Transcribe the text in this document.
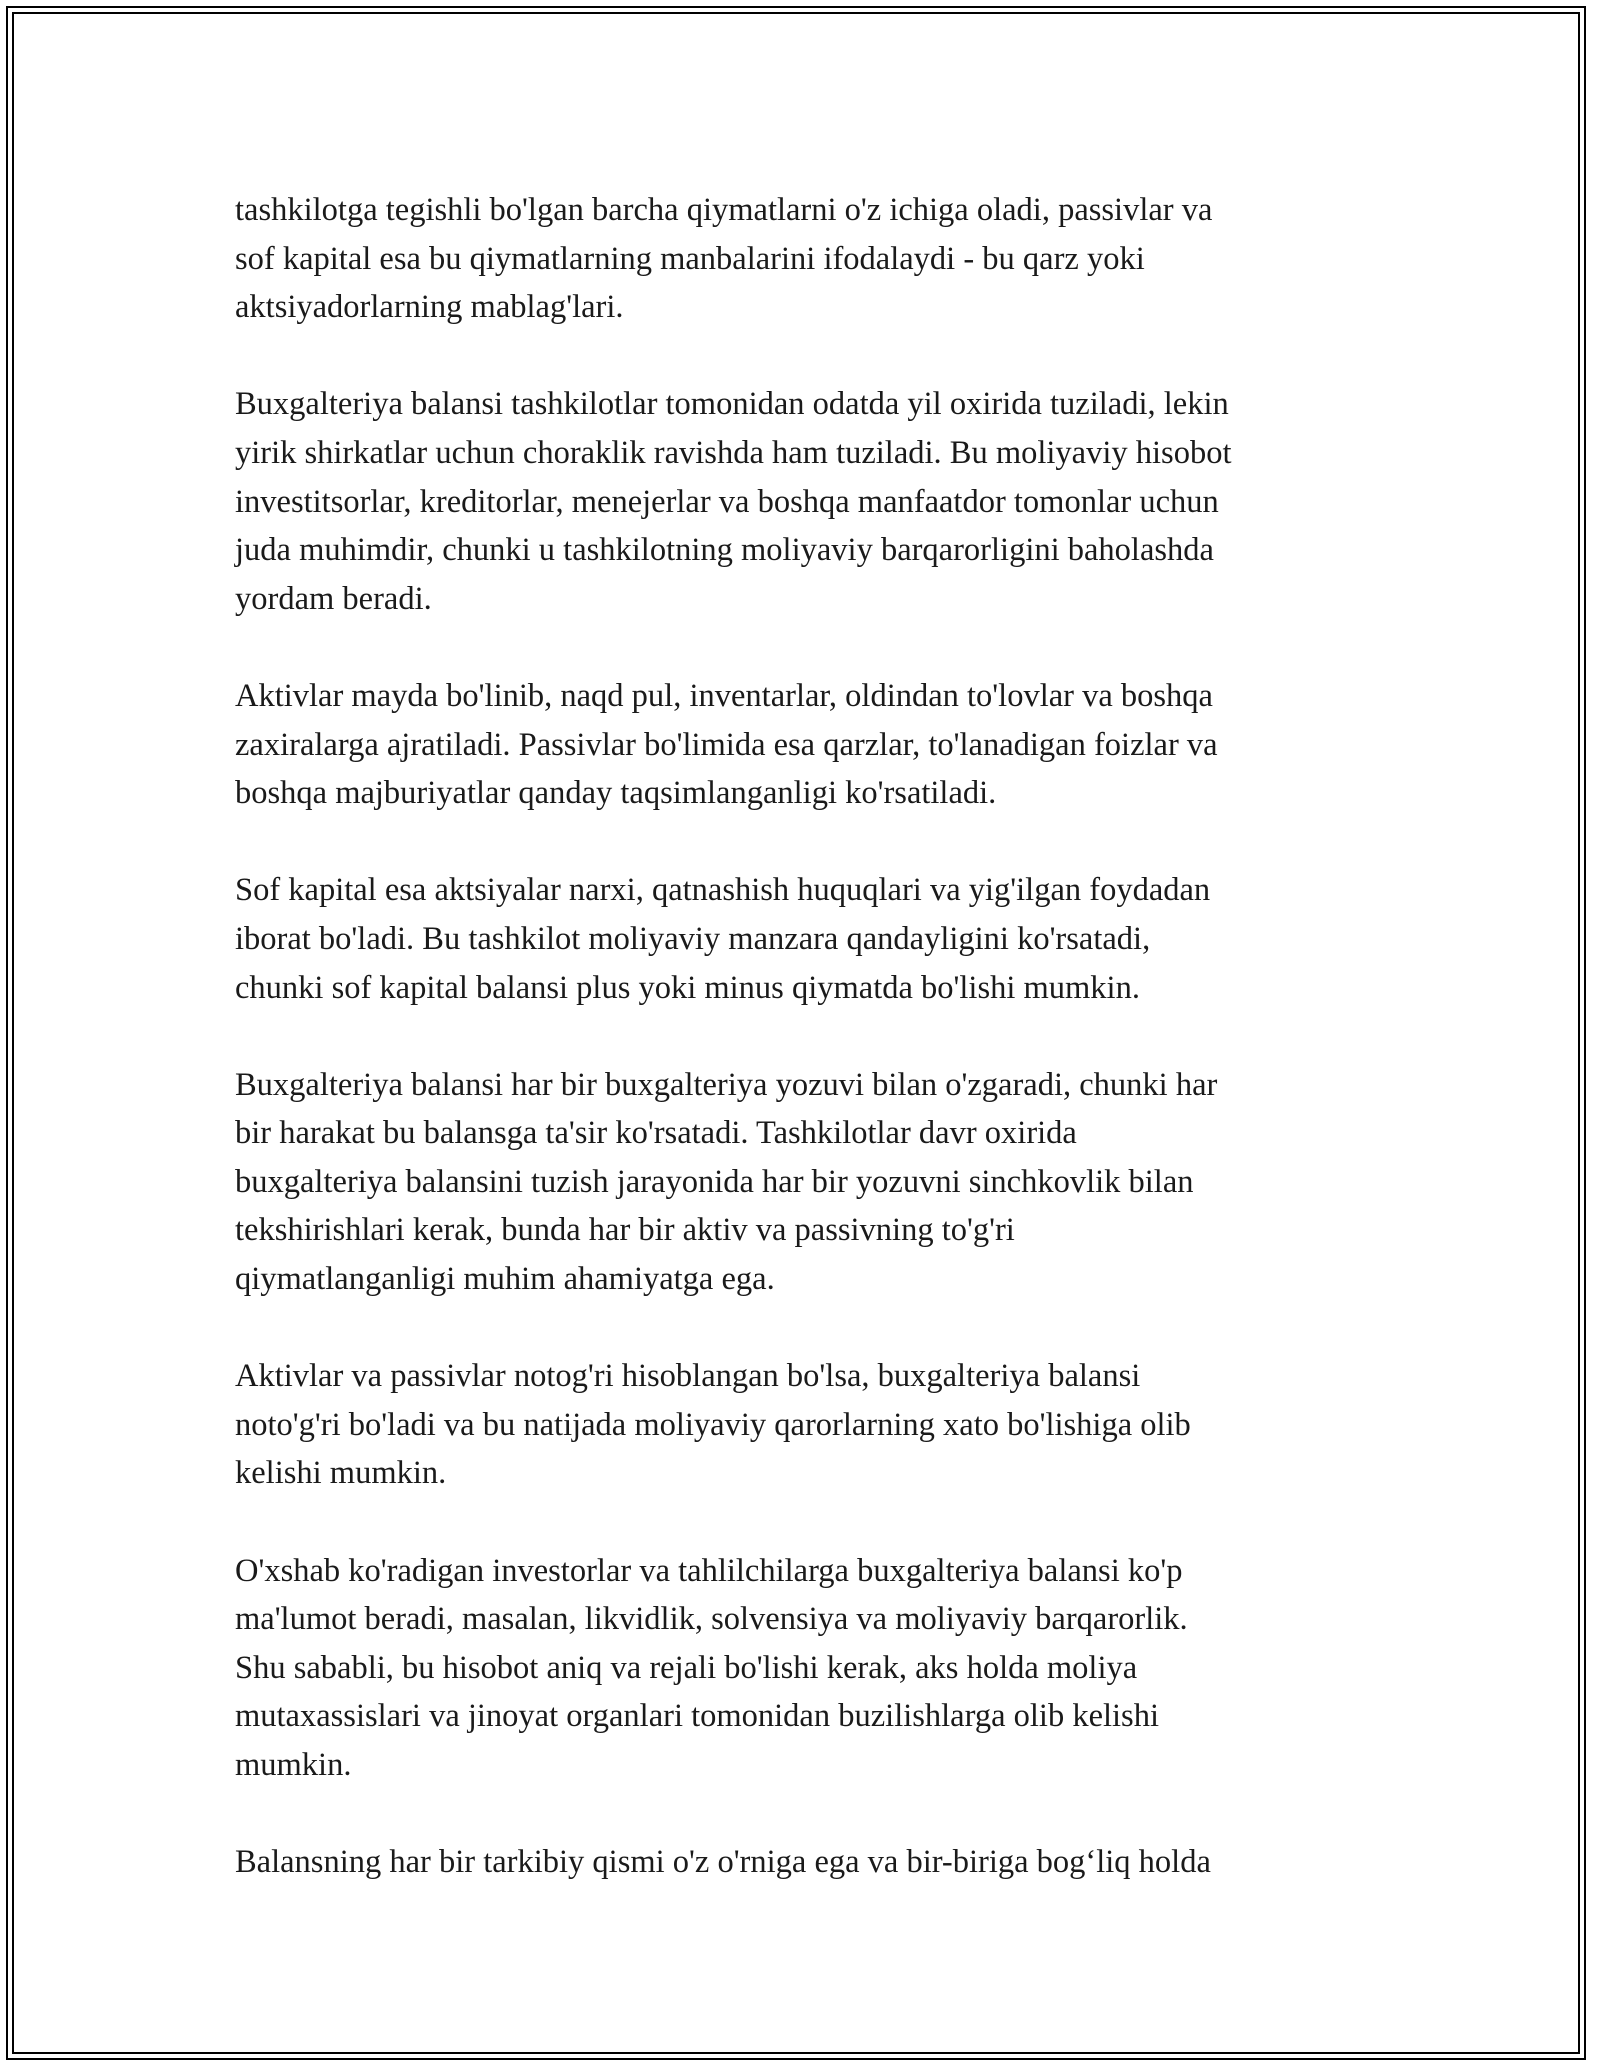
tashkilotga tegishli bo'lgan barcha qiymatlarni o'z ichiga oladi, passivlar va
sof kapital esa bu qiymatlarning manbalarini ifodalaydi - bu qarz yoki
aktsiyadorlarning mablag'lari.

Buxgalteriya balansi tashkilotlar tomonidan odatda yil oxirida tuziladi, lekin
yirik shirkatlar uchun choraklik ravishda ham tuziladi. Bu moliyaviy hisobot
investitsorlar, kreditorlar, menejerlar va boshqa manfaatdor tomonlar uchun
juda muhimdir, chunki u tashkilotning moliyaviy barqarorligini baholashda
yordam beradi.

Aktivlar mayda bo'linib, naqd pul, inventarlar, oldindan to'lovlar va boshqa
zaxiralarga ajratiladi. Passivlar bo'limida esa qarzlar, to'lanadigan foizlar va
boshqa majburiyatlar qanday taqsimlanganligi ko'rsatiladi.

Sof kapital esa aktsiyalar narxi, qatnashish huquqlari va yig'ilgan foydadan
iborat bo'ladi. Bu tashkilot moliyaviy manzara qandayligini ko'rsatadi,
chunki sof kapital balansi plus yoki minus qiymatda bo'lishi mumkin.

Buxgalteriya balansi har bir buxgalteriya yozuvi bilan o'zgaradi, chunki har
bir harakat bu balansga ta'sir ko'rsatadi. Tashkilotlar davr oxirida
buxgalteriya balansini tuzish jarayonida har bir yozuvni sinchkovlik bilan
tekshirishlari kerak, bunda har bir aktiv va passivning to'g'ri
qiymatlanganligi muhim ahamiyatga ega.

Aktivlar va passivlar notog'ri hisoblangan bo'lsa, buxgalteriya balansi
noto'g'ri bo'ladi va bu natijada moliyaviy qarorlarning xato bo'lishiga olib
kelishi mumkin.

O'xshab ko'radigan investorlar va tahlilchilarga buxgalteriya balansi ko'p
ma'lumot beradi, masalan, likvidlik, solvensiya va moliyaviy barqarorlik.
Shu sababli, bu hisobot aniq va rejali bo'lishi kerak, aks holda moliya
mutaxassislari va jinoyat organlari tomonidan buzilishlarga olib kelishi
mumkin.

Balansning har bir tarkibiy qismi o'z o'rniga ega va bir-biriga bog‘liq holda
